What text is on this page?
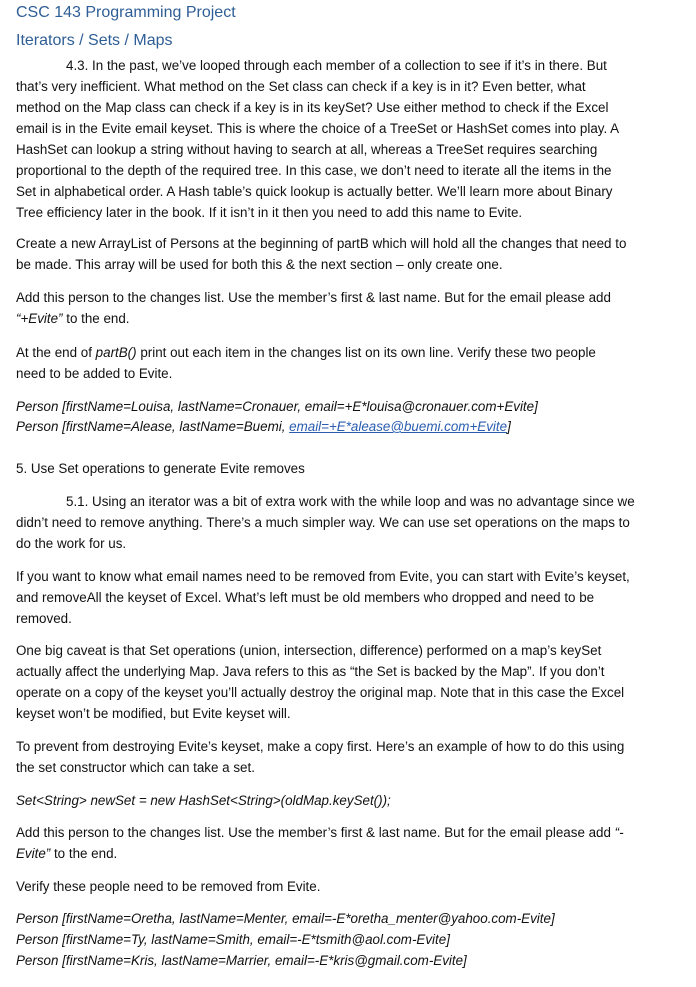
CSC 143 Programming Project
Iterators / Sets / Maps
4.3. In the past, we’ve looped through each member of a collection to see if it’s in there. But
that’s very inefficient. What method on the Set class can check if a key is in it? Even better, what
method on the Map class can check if a key is in its keySet? Use either method to check if the Excel
email is in the Evite email keyset. This is where the choice of a TreeSet or HashSet comes into play. A
HashSet can lookup a string without having to search at all, whereas a TreeSet requires searching
proportional to the depth of the required tree. In this case, we don’t need to iterate all the items in the
Set in alphabetical order. A Hash table’s quick lookup is actually better. We’ll learn more about Binary
Tree efficiency later in the book. If it isn’t in it then you need to add this name to Evite.
Create a new ArrayList of Persons at the beginning of partB which will hold all the changes that need to
be made. This array will be used for both this & the next section – only create one.
Add this person to the changes list. Use the member’s first & last name. But for the email please add
“+Evite” to the end.
At the end of partB() print out each item in the changes list on its own line. Verify these two people
need to be added to Evite.
Person [firstName=Louisa, lastName=Cronauer, email=+E*louisa@cronauer.com+Evite]
Person [firstName=Alease, lastName=Buemi, email=+E*alease@buemi.com+Evite]
5. Use Set operations to generate Evite removes
5.1. Using an iterator was a bit of extra work with the while loop and was no advantage since we
didn’t need to remove anything. There’s a much simpler way. We can use set operations on the maps to
do the work for us.
If you want to know what email names need to be removed from Evite, you can start with Evite’s keyset,
and removeAll the keyset of Excel. What’s left must be old members who dropped and need to be
removed.
One big caveat is that Set operations (union, intersection, difference) performed on a map’s keySet
actually affect the underlying Map. Java refers to this as “the Set is backed by the Map”. If you don’t
operate on a copy of the keyset you’ll actually destroy the original map. Note that in this case the Excel
keyset won’t be modified, but Evite keyset will.
To prevent from destroying Evite’s keyset, make a copy first. Here’s an example of how to do this using
the set constructor which can take a set.
Set<String> newSet = new HashSet<String>(oldMap.keySet());
Add this person to the changes list. Use the member’s first & last name. But for the email please add “-
Evite” to the end.
Verify these people need to be removed from Evite.
Person [firstName=Oretha, lastName=Menter, email=-E*oretha_menter@yahoo.com-Evite]
Person [firstName=Ty, lastName=Smith, email=-E*tsmith@aol.com-Evite]
Person [firstName=Kris, lastName=Marrier, email=-E*kris@gmail.com-Evite]
